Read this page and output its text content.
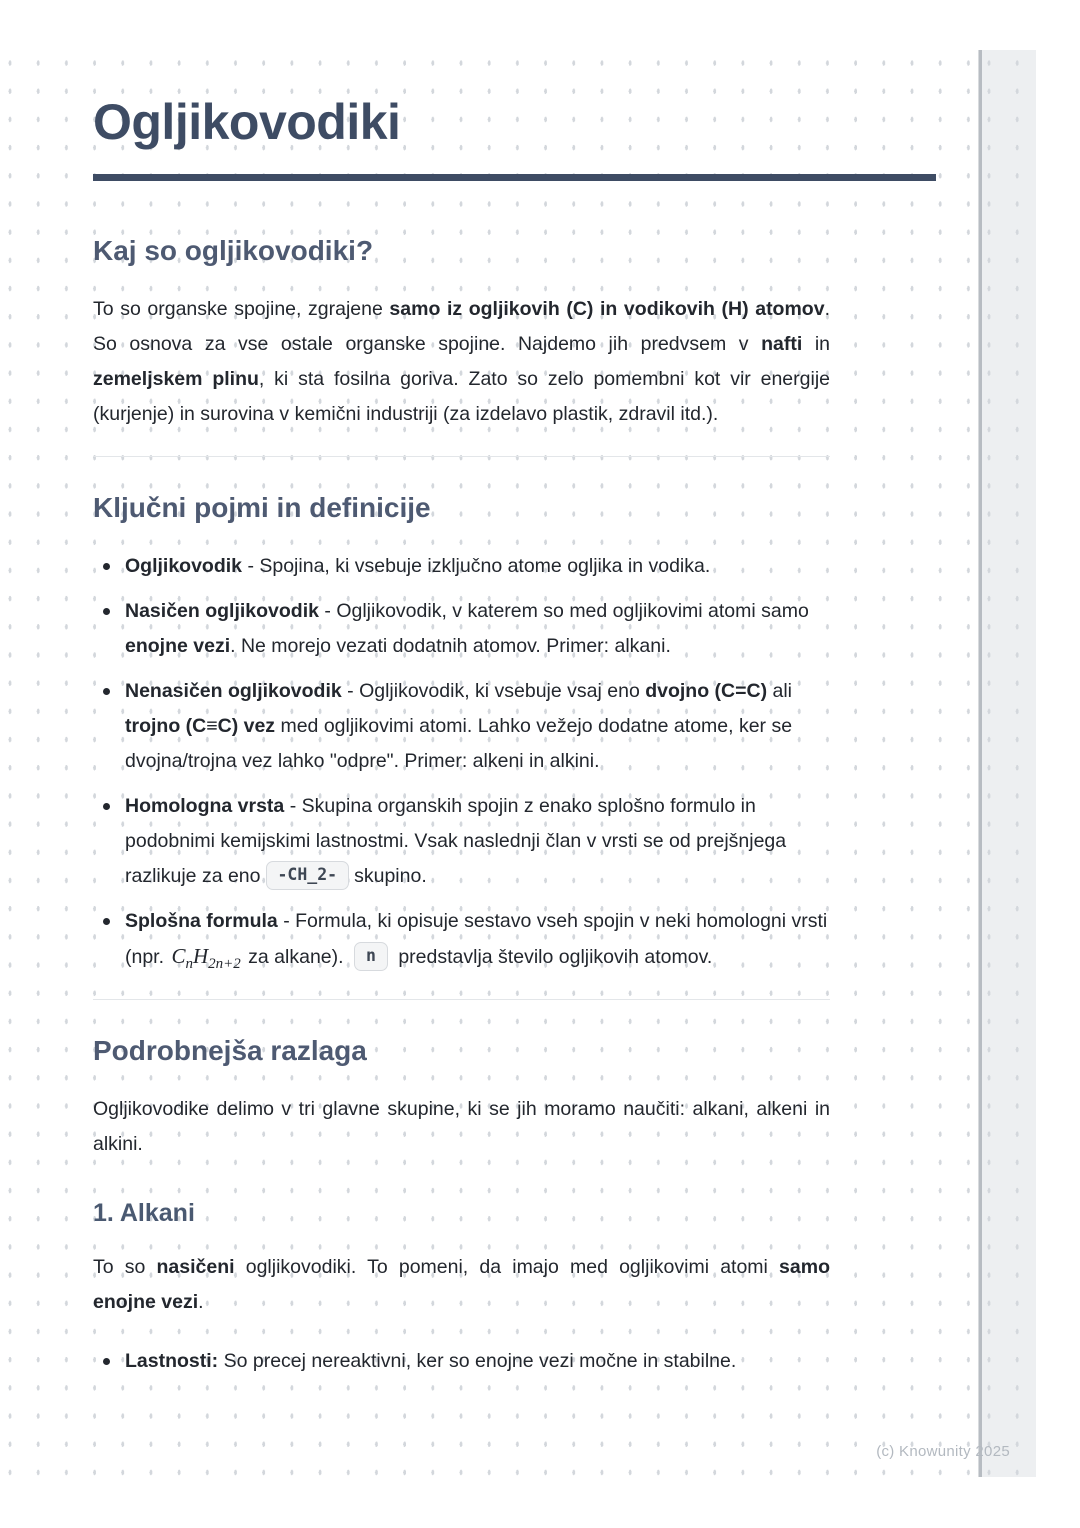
Ogljikovodiki
Kaj so ogljikovodiki?

To so organske spojine, zgrajene samo iz ogljikovih (C) in vodikovih (H) atomov. So osnova za vse ostale organske spojine. Najdemo jih predvsem v nafti in zemeljskem plinu, ki sta fosilna goriva. Zato so zelo pomembni kot vir energije (kurjenje) in surovina v kemični industriji (za izdelavo plastik, zdravil itd.).

Ključni pojmi in definicije
Ogljikovodik - Spojina, ki vsebuje izključno atome ogljika in vodika.
Nasičen ogljikovodik - Ogljikovodik, v katerem so med ogljikovimi atomi samo enojne vezi. Ne morejo vezati dodatnih atomov. Primer: alkani.
Nenasičen ogljikovodik - Ogljikovodik, ki vsebuje vsaj eno dvojno (C=C) ali trojno (C≡C) vez med ogljikovimi atomi. Lahko vežejo dodatne atome, ker se dvojna/trojna vez lahko "odpre". Primer: alkeni in alkini.
Homologna vrsta - Skupina organskih spojin z enako splošno formulo in podobnimi kemijskimi lastnostmi. Vsak naslednji član v vrsti se od prejšnjega razlikuje za eno -CH_2- skupino.
Splošna formula - Formula, ki opisuje sestavo vseh spojin v neki homologni vrsti (npr. $C_nH_{2n+2}$ za alkane). n predstavlja število ogljikovih atomov.
Podrobnejša razlaga

Ogljikovodike delimo v tri glavne skupine, ki se jih moramo naučiti: alkani, alkeni in alkini.

1. Alkani

To so nasičeni ogljikovodiki. To pomeni, da imajo med ogljikovimi atomi samo enojne vezi.

Lastnosti: So precej nereaktivni, ker so enojne vezi močne in stabilne.
(c) Knowunity 2025
